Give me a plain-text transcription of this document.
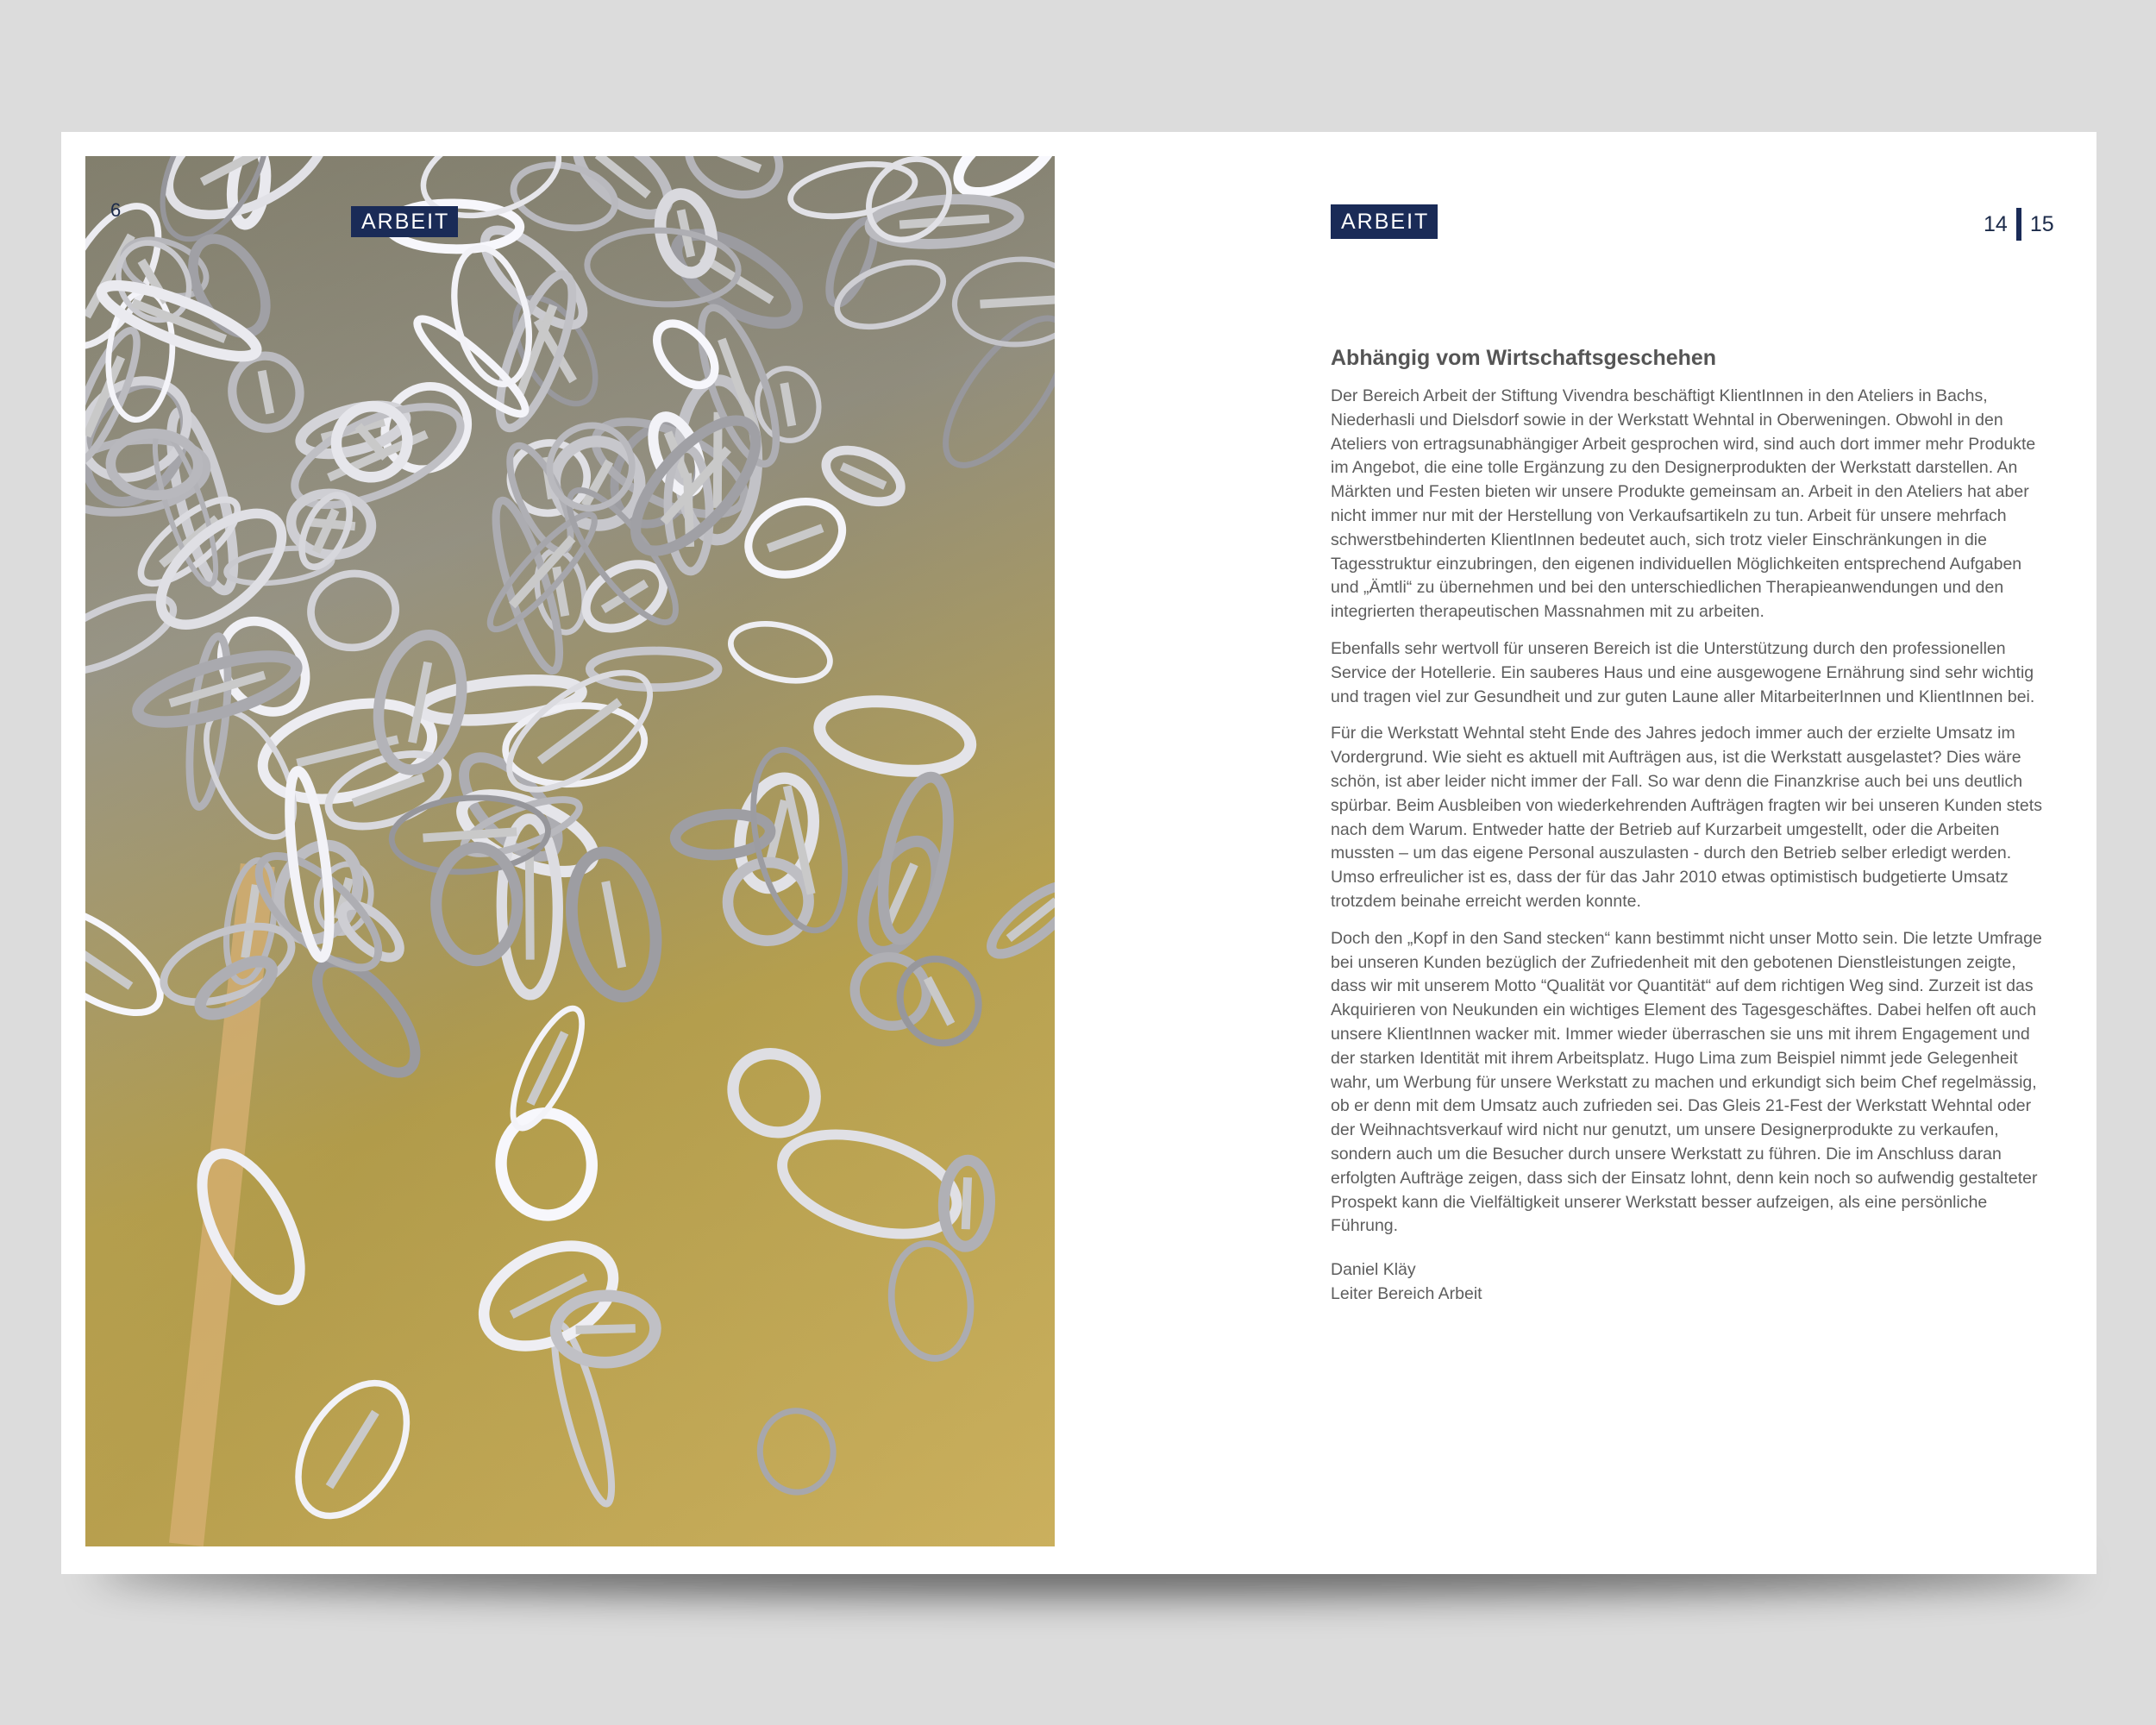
6	ARBEIT	ARBEIT	14 15
Abhängig vom Wirtschaftsgeschehen

Der Bereich Arbeit der Stiftung Vivendra beschäftigt KlientInnen in den Ateliers in Bachs, Niederhasli und Dielsdorf sowie in der Werkstatt Wehntal in Oberweningen. Obwohl in den Ateliers von ertragsunabhängiger Arbeit gesprochen wird, sind auch dort immer mehr Produkte im Angebot, die eine tolle Ergänzung zu den Designerprodukten der Werkstatt darstellen. An Märkten und Festen bieten wir unsere Produkte gemeinsam an. Arbeit in den Ateliers hat aber nicht immer nur mit der Herstellung von Verkaufsartikeln zu tun. Arbeit für unsere mehrfach schwerstbehinderten KlientInnen bedeutet auch, sich trotz vieler Einschränkungen in die Tagesstruktur einzubringen, den eigenen individuellen Möglichkeiten entsprechend Aufgaben und „Ämtli“ zu übernehmen und bei den unterschiedlichen Therapieanwendungen und den integrierten therapeutischen Massnahmen mit zu arbeiten.

Ebenfalls sehr wertvoll für unseren Bereich ist die Unterstützung durch den professionellen Service der Hotellerie. Ein sauberes Haus und eine ausgewogene Ernährung sind sehr wichtig und tragen viel zur Gesundheit und zur guten Laune aller MitarbeiterInnen und KlientInnen bei.

Für die Werkstatt Wehntal steht Ende des Jahres jedoch immer auch der erzielte Umsatz im Vordergrund. Wie sieht es aktuell mit Aufträgen aus, ist die Werkstatt ausgelastet? Dies wäre schön, ist aber leider nicht immer der Fall. So war denn die Finanzkrise auch bei uns deutlich spürbar. Beim Ausbleiben von wiederkehrenden Aufträgen fragten wir bei unseren Kunden stets nach dem Warum. Entweder hatte der Betrieb auf Kurzarbeit umgestellt, oder die Arbeiten mussten – um das eigene Personal auszulasten - durch den Betrieb selber erledigt werden. Umso erfreulicher ist es, dass der für das Jahr 2010 etwas optimistisch budgetierte Umsatz trotzdem beinahe erreicht werden konnte.

Doch den „Kopf in den Sand stecken“ kann bestimmt nicht unser Motto sein. Die letzte Umfrage bei unseren Kunden bezüglich der Zufriedenheit mit den gebotenen Dienstleistungen zeigte, dass wir mit unserem Motto “Qualität vor Quantität“ auf dem richtigen Weg sind. Zurzeit ist das Akquirieren von Neukunden ein wichtiges Element des Tagesgeschäftes. Dabei helfen oft auch unsere KlientInnen wacker mit. Immer wieder überraschen sie uns mit ihrem Engagement und der starken Identität mit ihrem Arbeitsplatz. Hugo Lima zum Beispiel nimmt jede Gelegenheit wahr, um Werbung für unsere Werkstatt zu machen und erkundigt sich beim Chef regelmässig, ob er denn mit dem Umsatz auch zufrieden sei. Das Gleis 21-Fest der Werkstatt Wehntal oder der Weihnachtsverkauf wird nicht nur genutzt, um unsere Designerprodukte zu verkaufen, sondern auch um die Besucher durch unsere Werkstatt zu führen. Die im Anschluss daran erfolgten Aufträge zeigen, dass sich der Einsatz lohnt, denn kein noch so aufwendig gestalteter Prospekt kann die Vielfältigkeit unserer Werkstatt besser aufzeigen, als eine persönliche Führung.

Daniel Kläy
Leiter Bereich Arbeit
